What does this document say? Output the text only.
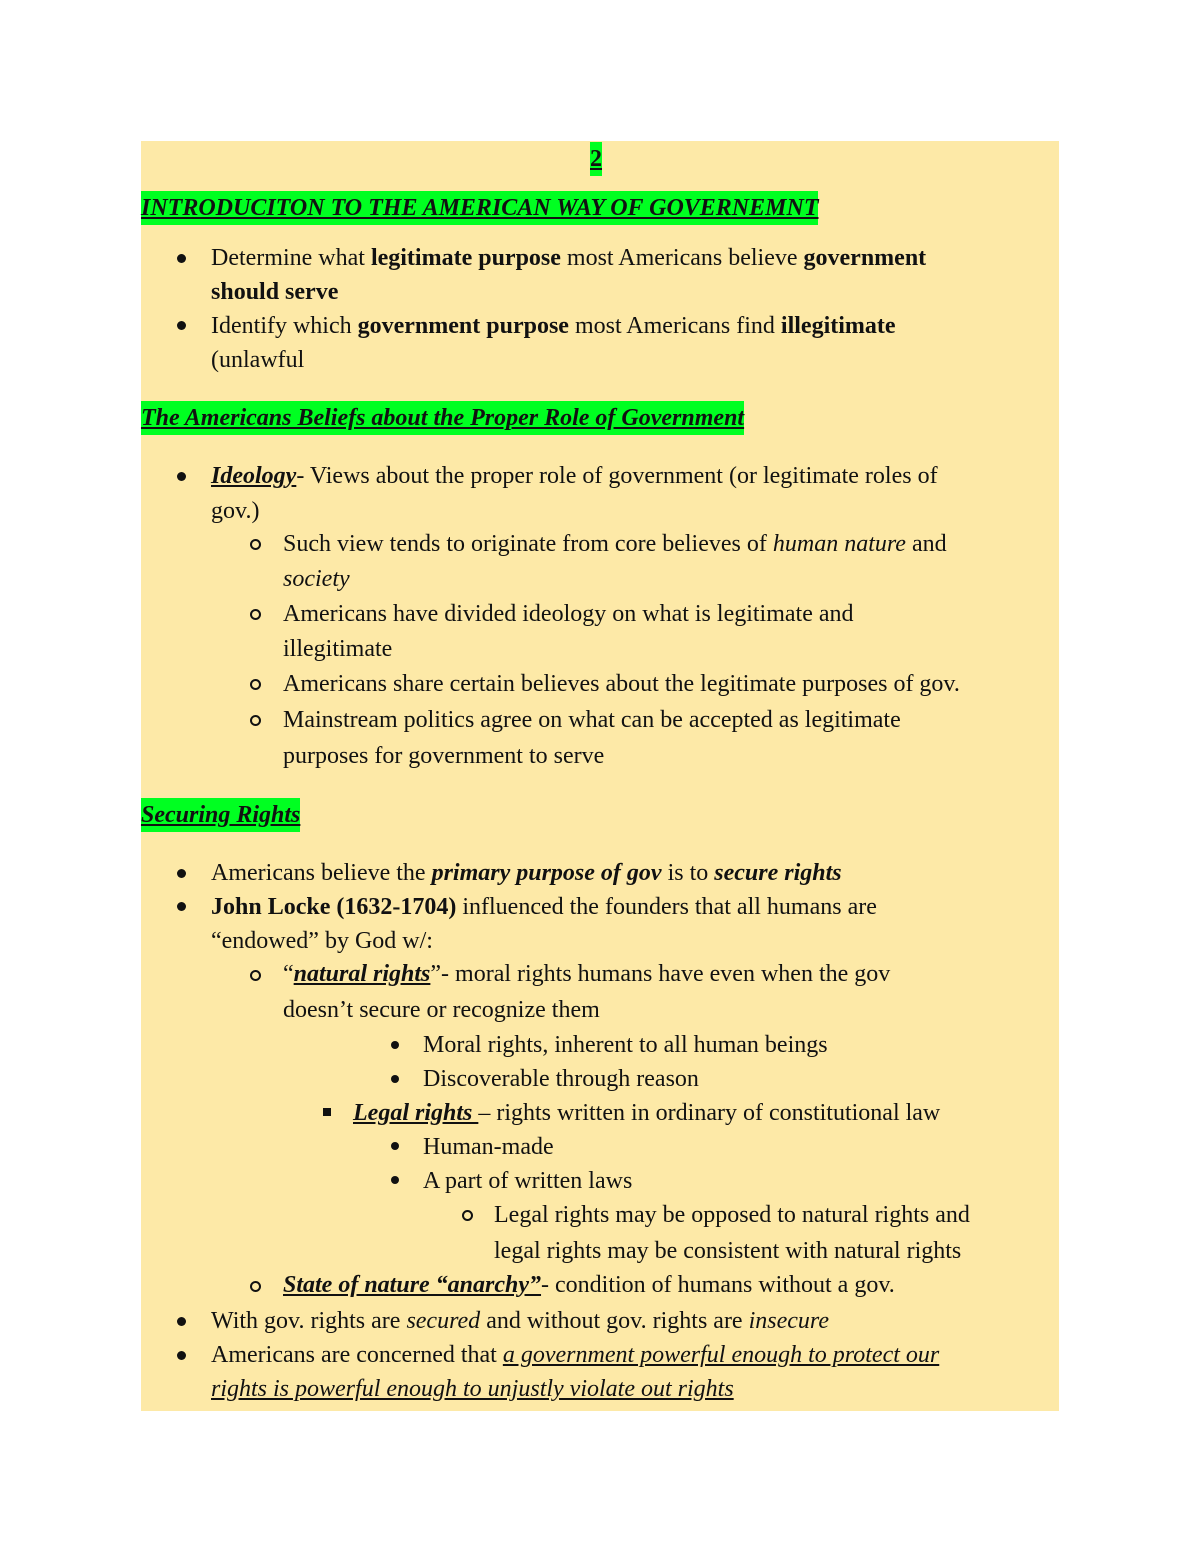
2
INTRODUCITON TO THE AMERICAN WAY OF GOVERNEMNT
Determine what legitimate purpose most Americans believe government
should serve
Identify which government purpose most Americans find illegitimate
(unlawful
The Americans Beliefs about the Proper Role of Government
Ideology- Views about the proper role of government (or legitimate roles of
gov.)
Such view tends to originate from core believes of human nature and
society
Americans have divided ideology on what is legitimate and
illegitimate
Americans share certain believes about the legitimate purposes of gov.
Mainstream politics agree on what can be accepted as legitimate
purposes for government to serve
Securing Rights
Americans believe the primary purpose of gov is to secure rights
John Locke (1632-1704) influenced the founders that all humans are
“endowed” by God w/:
“natural rights”- moral rights humans have even when the gov
doesn’t secure or recognize them
Moral rights, inherent to all human beings
Discoverable through reason
Legal rights – rights written in ordinary of constitutional law
Human-made
A part of written laws
Legal rights may be opposed to natural rights and
legal rights may be consistent with natural rights
State of nature “anarchy”- condition of humans without a gov.
With gov. rights are secured and without gov. rights are insecure
Americans are concerned that a government powerful enough to protect our
rights is powerful enough to unjustly violate out rights
